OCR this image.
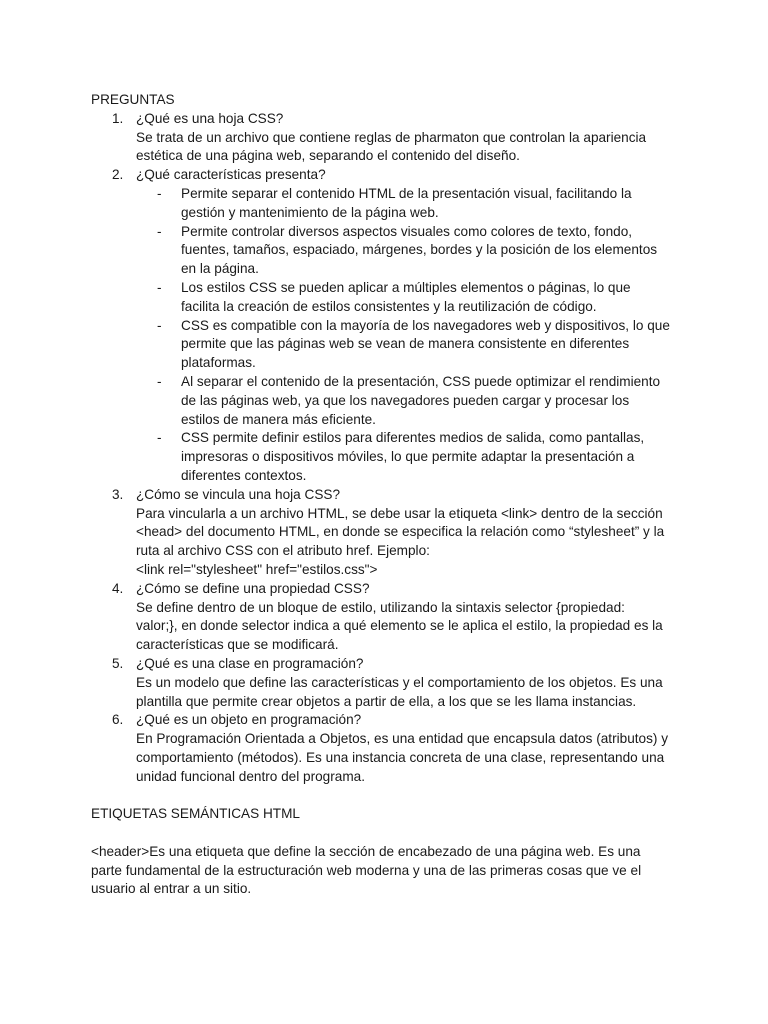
PREGUNTAS
1. ¿Qué es una hoja CSS?
Se trata de un archivo que contiene reglas de pharmaton que controlan la apariencia
estética de una página web, separando el contenido del diseño.
2. ¿Qué características presenta?
- Permite separar el contenido HTML de la presentación visual, facilitando la
gestión y mantenimiento de la página web.
- Permite controlar diversos aspectos visuales como colores de texto, fondo,
fuentes, tamaños, espaciado, márgenes, bordes y la posición de los elementos
en la página.
- Los estilos CSS se pueden aplicar a múltiples elementos o páginas, lo que
facilita la creación de estilos consistentes y la reutilización de código.
- CSS es compatible con la mayoría de los navegadores web y dispositivos, lo que
permite que las páginas web se vean de manera consistente en diferentes
plataformas.
- Al separar el contenido de la presentación, CSS puede optimizar el rendimiento
de las páginas web, ya que los navegadores pueden cargar y procesar los
estilos de manera más eficiente.
- CSS permite definir estilos para diferentes medios de salida, como pantallas,
impresoras o dispositivos móviles, lo que permite adaptar la presentación a
diferentes contextos.
3. ¿Cómo se vincula una hoja CSS?
Para vincularla a un archivo HTML, se debe usar la etiqueta <link> dentro de la sección
<head> del documento HTML, en donde se especifica la relación como “stylesheet” y la
ruta al archivo CSS con el atributo href. Ejemplo:
<link rel="stylesheet" href="estilos.css">
4. ¿Cómo se define una propiedad CSS?
Se define dentro de un bloque de estilo, utilizando la sintaxis selector {propiedad:
valor;}, en donde selector indica a qué elemento se le aplica el estilo, la propiedad es la
características que se modificará.
5. ¿Qué es una clase en programación?
Es un modelo que define las características y el comportamiento de los objetos. Es una
plantilla que permite crear objetos a partir de ella, a los que se les llama instancias.
6. ¿Qué es un objeto en programación?
En Programación Orientada a Objetos, es una entidad que encapsula datos (atributos) y
comportamiento (métodos). Es una instancia concreta de una clase, representando una
unidad funcional dentro del programa.
ETIQUETAS SEMÁNTICAS HTML
<header>Es una etiqueta que define la sección de encabezado de una página web. Es una
parte fundamental de la estructuración web moderna y una de las primeras cosas que ve el
usuario al entrar a un sitio.
